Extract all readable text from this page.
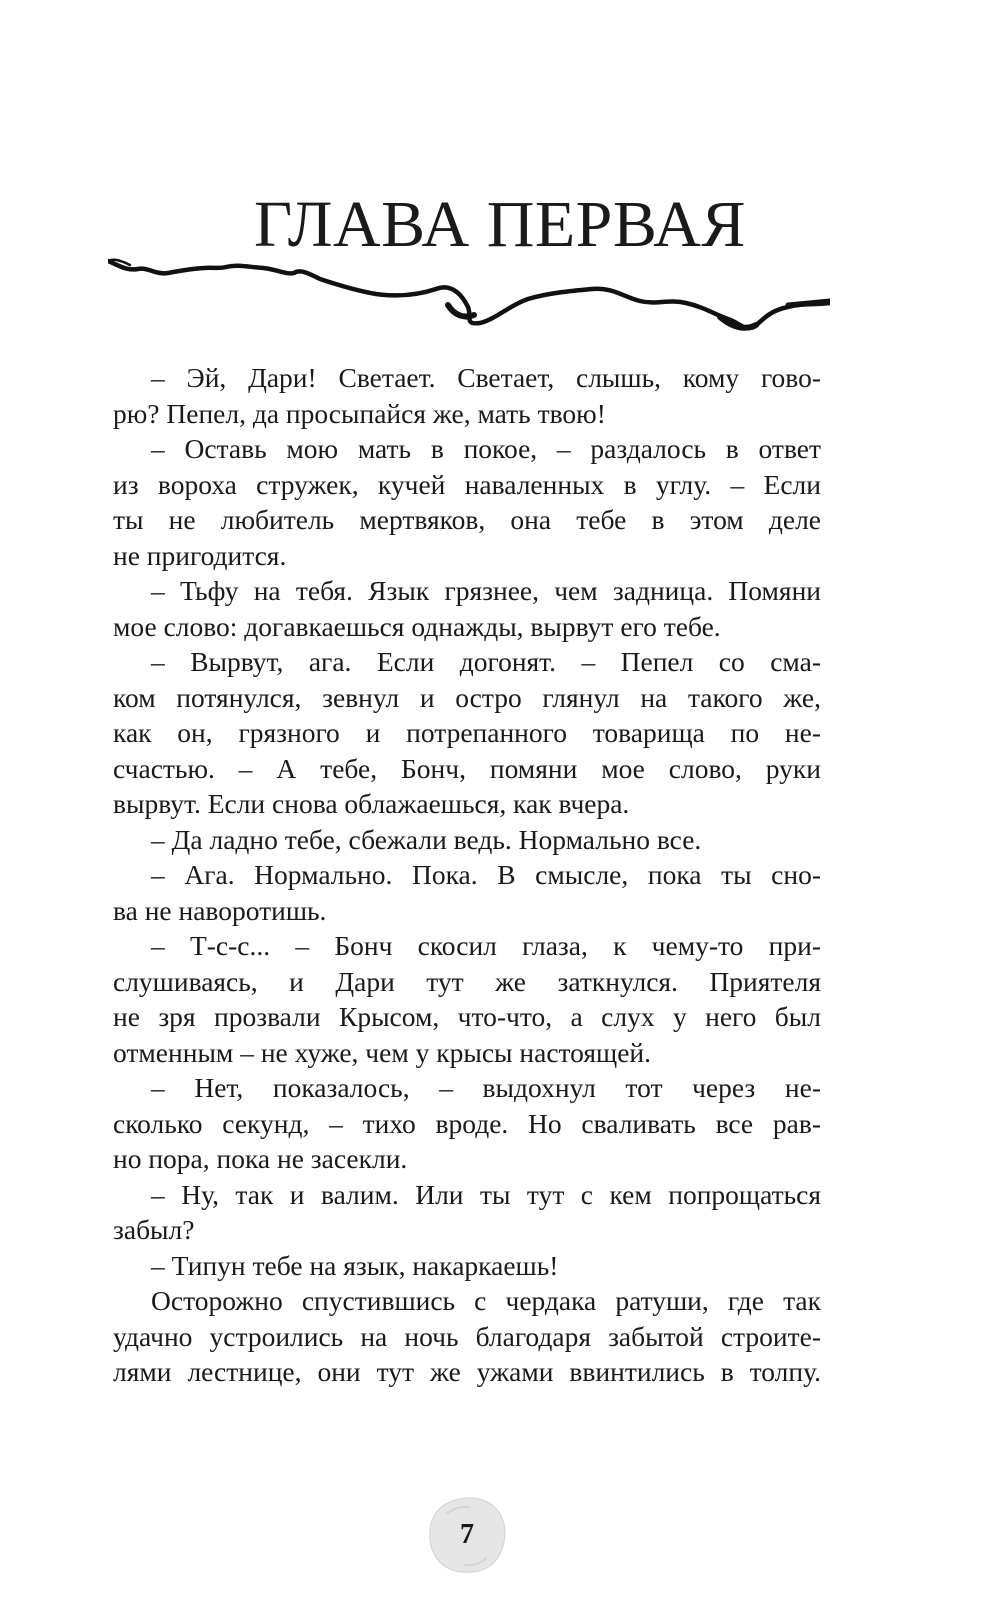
ГЛАВА ПЕРВАЯ
– Эй, Дари! Светает. Светает, слышь, кому гово-
рю? Пепел, да просыпайся же, мать твою!
– Оставь мою мать в покое, – раздалось в ответ
из вороха стружек, кучей наваленных в углу. – Если
ты не любитель мертвяков, она тебе в этом деле
не пригодится.
– Тьфу на тебя. Язык грязнее, чем задница. Помяни
мое слово: догавкаешься однажды, вырвут его тебе.
– Вырвут, ага. Если догонят. – Пепел со сма-
ком потянулся, зевнул и остро глянул на такого же,
как он, грязного и потрепанного товарища по не-
счастью. – А тебе, Бонч, помяни мое слово, руки
вырвут. Если снова облажаешься, как вчера.
– Да ладно тебе, сбежали ведь. Нормально все.
– Ага. Нормально. Пока. В смысле, пока ты сно-
ва не наворотишь.
– Т-с-с... – Бонч скосил глаза, к чему-то при-
слушиваясь, и Дари тут же заткнулся. Приятеля
не зря прозвали Крысом, что-что, а слух у него был
отменным – не хуже, чем у крысы настоящей.
– Нет, показалось, – выдохнул тот через не-
сколько секунд, – тихо вроде. Но сваливать все рав-
но пора, пока не засекли.
– Ну, так и валим. Или ты тут с кем попрощаться
забыл?
– Типун тебе на язык, накаркаешь!
Осторожно спустившись с чердака ратуши, где так
удачно устроились на ночь благодаря забытой строите-
лями лестнице, они тут же ужами ввинтились в толпу.
7
